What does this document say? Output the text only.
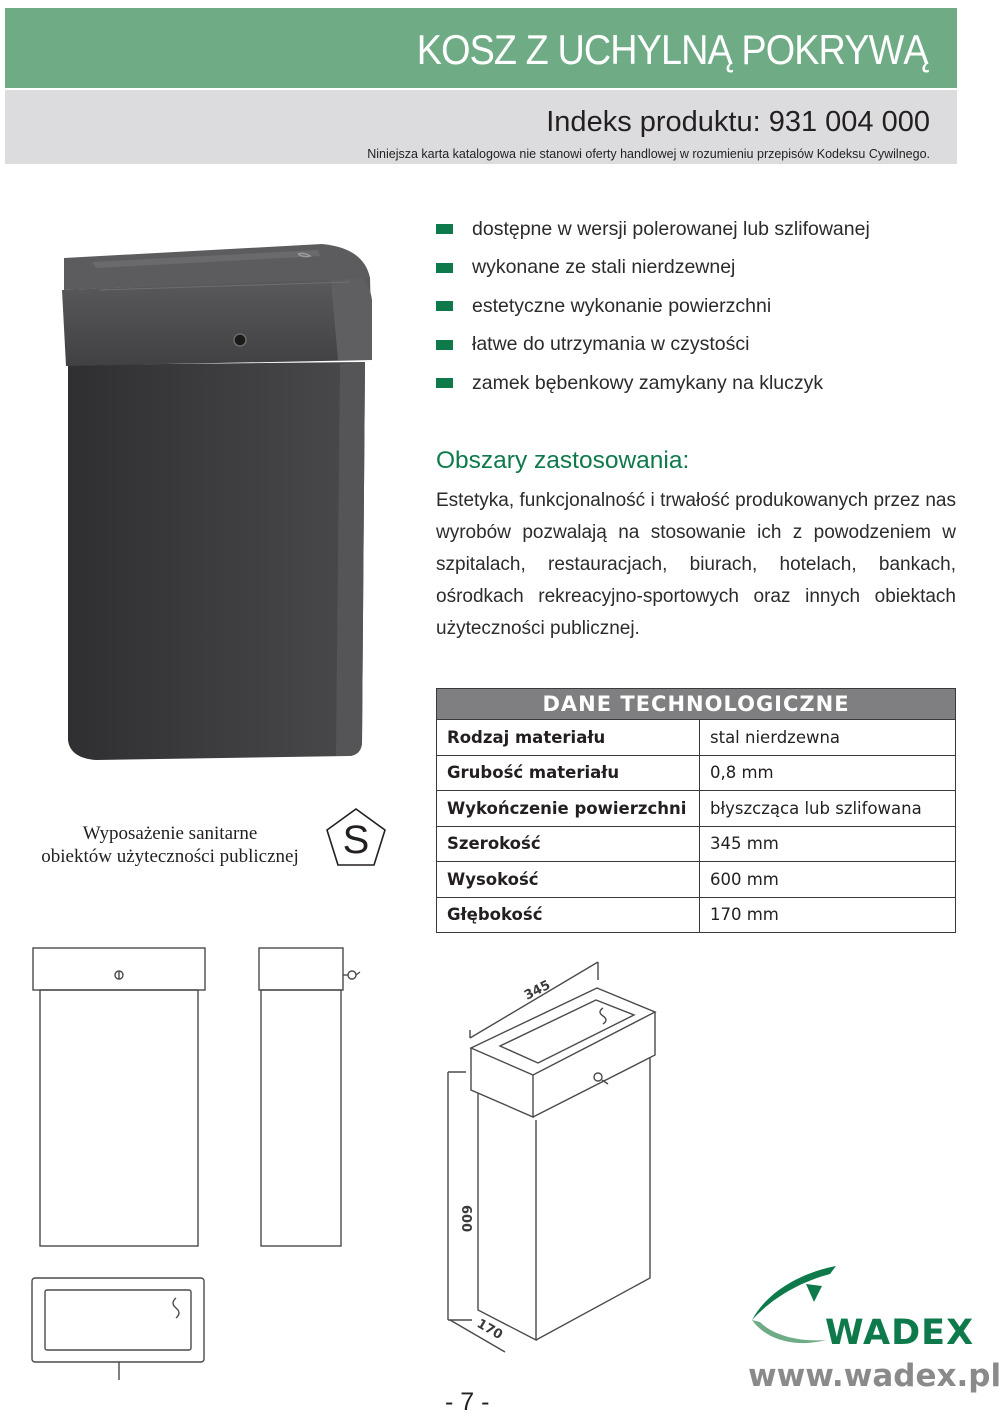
KOSZ Z UCHYLNĄ POKRYWĄ
Indeks produktu: 931 004 000
Niniejsza karta katalogowa nie stanowi oferty handlowej w rozumieniu przepisów Kodeksu Cywilnego.
dostępne w wersji polerowanej lub szlifowanej
wykonane ze stali nierdzewnej
estetyczne wykonanie powierzchni
łatwe do utrzymania w czystości
zamek bębenkowy zamykany na kluczyk
Obszary zastosowania:

Estetyka, funkcjonalność i trwałość produkowanych przez nas wyrobów pozwalają na stosowanie ich z powodzeniem w szpitalach, restauracjach, biurach, hotelach, bankach, ośrodkach rekreacyjno-sportowych oraz innych obiektach użyteczności publicznej.

DANE TECHNOLOGICZNE	
Rodzaj materiału	stal nierdzewna
Grubość materiału	0,8 mm
Wykończenie powierzchni	błyszcząca lub szlifowana
Szerokość	345 mm
Wysokość	600 mm
Głębokość	170 mm
Wyposażenie sanitarne
obiektów użyteczności publicznej S
345
600
170
- 7 -
WADEX
www.wadex.pl
